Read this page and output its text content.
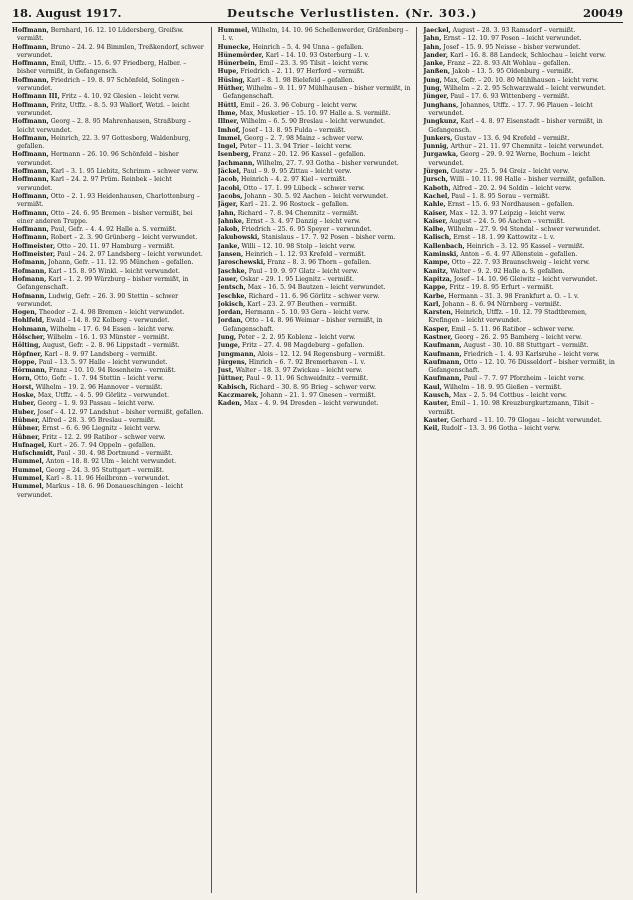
18. August 1917.	Deutsche Verlustlisten. (Nr. 303.)	20049

Hoffmann, Bernhard, 16. 12. 10 Lüdersberg, Greifsw. vermißt.

Hoffmann, Bruno – 24. 2. 94 Bimmlen, Treßkendorf, schwer verwundet.

Hoffmann, Emil, Utffz. – 15. 6. 97 Friedberg, Halber. – bisher vermißt, in Gefangensch.

Hoffmann, Friedrich – 19. 8. 97 Schönfeld, Solingen – verwundet.

Hoffmann III, Fritz – 4. 10. 92 Glesien – leicht verw.

Hoffmann, Fritz, Utffz. – 8. 5. 93 Wallorf, Wetzl. – leicht verwundet.

Hoffmann, Georg – 2. 8. 95 Mahrenhausen, Straßburg – leicht verwundet.

Hoffmann, Heinrich, 22. 3. 97 Gottesberg, Waldenburg, gefallen.

Hoffmann, Hermann – 26. 10. 96 Schönfeld – bisher verwundet.

Hoffmann, Karl – 3. 1. 95 Liebitz, Schrimm – schwer verw.

Hoffmann, Karl – 24. 2. 97 Prüm. Reinbek – leicht verwundet.

Hoffmann, Otto – 2. 1. 93 Heidenhausen, Charlottenburg – vermißt.

Hoffmann, Otto – 24. 6. 95 Bremen – bisher vermißt, bei einer anderen Truppe.

Hoffmann, Paul, Gefr. – 4. 4. 92 Halle a. S. vermißt.

Hoffmann, Robert – 2. 3. 90 Grünberg – leicht verwundet.

Hoffmeister, Otto – 20. 11. 97 Hamburg – vermißt.

Hoffmeister, Paul – 24. 2. 97 Landsberg – leicht verwundet.

Hofmann, Johann, Gefr. – 11. 12. 95 München – gefallen.

Hofmann, Karl – 15. 8. 95 Winkl. – leicht verwundet.

Hofmann, Karl – 1. 2. 99 Würzburg – bisher vermißt, in Gefangenschaft.

Hofmann, Ludwig, Gefr. – 26. 3. 90 Stettin – schwer verwundet.

Hogen, Theodor – 2. 4. 98 Bremen – leicht verwundet.

Hohlfeld, Ewald – 14. 8. 92 Kolberg – verwundet.

Hohmann, Wilhelm – 17. 6. 94 Essen – leicht verw.

Hölscher, Wilhelm – 16. 1. 93 Münster – vermißt.

Hölting, August, Gefr. – 2. 8. 96 Lippstadt – vermißt.

Höpfner, Karl – 8. 9. 97 Landsberg – vermißt.

Hoppe, Paul – 13. 5. 97 Halle – leicht verwundet.

Hörmann, Franz – 10. 10. 94 Rosenheim – vermißt.

Horn, Otto, Gefr. – 1. 7. 94 Stettin – leicht verw.

Horst, Wilhelm – 19. 2. 96 Hannover – vermißt.

Hoske, Max, Utffz. – 4. 5. 99 Görlitz – verwundet.

Huber, Georg – 1. 9. 93 Passau – leicht verw.

Huber, Josef – 4. 12. 97 Landshut – bisher vermißt, gefallen.

Hübner, Alfred – 28. 3. 95 Breslau – vermißt.

Hübner, Ernst – 6. 6. 96 Liegnitz – leicht verw.

Hübner, Fritz – 12. 2. 99 Ratibor – schwer verw.

Hufnagel, Kurt – 26. 7. 94 Oppeln – gefallen.

Hufschmidt, Paul – 30. 4. 98 Dortmund – vermißt.

Hummel, Anton – 18. 8. 92 Ulm – leicht verwundet.

Hummel, Georg – 24. 3. 95 Stuttgart – vermißt.

Hummel, Karl – 8. 11. 96 Heilbronn – verwundet.

Hummel, Markus – 18. 6. 96 Donaueschingen – leicht verwundet.

Hummel, Wilhelm, 14. 10. 96 Schellenwerder, Gräfenberg – l. v.

Hunecke, Heinrich – 5. 4. 94 Unna – gefallen.

Hünemörder, Karl – 14. 10. 93 Osterburg – l. v.

Hünerbein, Emil – 23. 3. 95 Tilsit – leicht verw.

Hupe, Friedrich – 2. 11. 97 Herford – vermißt.

Hüsing, Karl – 8. 1. 98 Bielefeld – gefallen.

Hüther, Wilhelm – 9. 11. 97 Mühlhausen – bisher vermißt, in Gefangenschaft.

Hüttl, Emil – 26. 3. 96 Coburg – leicht verw.

Ihme, Max, Musketier – 15. 10. 97 Halle a. S. vermißt.

Illner, Wilhelm – 6. 5. 90 Breslau – leicht verwundet.

Imhof, Josef – 13. 8. 95 Fulda – vermißt.

Immel, Georg – 2. 7. 98 Mainz – schwer verw.

Ingel, Peter – 11. 3. 94 Trier – leicht verw.

Isenberg, Franz – 20. 12. 96 Kassel – gefallen.

Jachmann, Wilhelm, 27. 7. 93 Gotha – bisher verwundet.

Jäckel, Paul – 9. 9. 95 Zittau – leicht verw.

Jacob, Heinrich – 4. 2. 97 Kiel – vermißt.

Jacobi, Otto – 17. 1. 99 Lübeck – schwer verw.

Jacobs, Johann – 30. 5. 92 Aachen – leicht verwundet.

Jäger, Karl – 21. 2. 96 Rostock – gefallen.

Jahn, Richard – 7. 8. 94 Chemnitz – vermißt.

Jahnke, Ernst – 3. 4. 97 Danzig – leicht verw.

Jakob, Friedrich – 25. 6. 95 Speyer – verwundet.

Jakubowski, Stanislaus – 17. 7. 92 Posen – bisher verm.

Janke, Willi – 12. 10. 98 Stolp – leicht verw.

Jansen, Heinrich – 1. 12. 93 Krefeld – vermißt.

Jaroschewski, Franz – 8. 3. 96 Thorn – gefallen.

Jaschke, Paul – 19. 9. 97 Glatz – leicht verw.

Jauer, Oskar – 29. 1. 95 Liegnitz – vermißt.

Jentsch, Max – 16. 5. 94 Bautzen – leicht verwundet.

Jeschke, Richard – 11. 6. 96 Görlitz – schwer verw.

Jokisch, Karl – 23. 2. 97 Beuthen – vermißt.

Jordan, Hermann – 5. 10. 93 Gera – leicht verw.

Jordan, Otto – 14. 8. 96 Weimar – bisher vermißt, in Gefangenschaft.

Jung, Peter – 2. 2. 95 Koblenz – leicht verw.

Junge, Fritz – 27. 4. 98 Magdeburg – gefallen.

Jungmann, Alois – 12. 12. 94 Regensburg – vermißt.

Jürgens, Hinrich – 6. 7. 92 Bremerhaven – l. v.

Just, Walter – 18. 3. 97 Zwickau – leicht verw.

Jüttner, Paul – 9. 11. 96 Schweidnitz – vermißt.

Kabisch, Richard – 30. 8. 95 Brieg – schwer verw.

Kaczmarek, Johann – 21. 1. 97 Gnesen – vermißt.

Kaden, Max – 4. 9. 94 Dresden – leicht verwundet.

Jaeckel, August – 28. 3. 93 Ramsdorf – vermißt.

Jahn, Ernst – 12. 10. 97 Posen – leicht verwundet.

Jahn, Josef – 15. 9. 95 Neisse – bisher verwundet.

Jander, Karl – 16. 8. 88 Landeck, Schlochau – leicht verw.

Janke, Franz – 22. 8. 93 Alt Wohlau – gefallen.

Janßen, Jakob – 13. 5. 95 Oldenburg – vermißt.

Jung, Max, Gefr. – 20. 10. 80 Mühlhausen – leicht verw.

Jung, Wilhelm – 2. 2. 95 Schwarzwald – leicht verwundet.

Jünger, Paul – 17. 6. 93 Wittenberg – vermißt.

Junghans, Johannes, Utffz. – 17. 7. 96 Plauen – leicht verwundet.

Jungkunz, Karl – 4. 8. 97 Eisenstadt – bisher vermißt, in Gefangensch.

Junkers, Gustav – 13. 6. 94 Krefeld – vermißt.

Junnig, Arthur – 21. 11. 97 Chemnitz – leicht verwundet.

Jurgawka, Georg – 29. 9. 92 Werne, Bochum – leicht verwundet.

Jürgen, Gustav – 25. 5. 94 Greiz – leicht verw.

Jursch, Willi – 10. 11. 98 Halle – bisher vermißt, gefallen.

Kaboth, Alfred – 20. 2. 94 Soldin – leicht verw.

Kachel, Paul – 1. 8. 95 Sorau – vermißt.

Kahle, Ernst – 15. 6. 93 Nordhausen – gefallen.

Kaiser, Max – 12. 3. 97 Leipzig – leicht verw.

Kaiser, August – 24. 5. 96 Aachen – vermißt.

Kalbe, Wilhelm – 27. 9. 94 Stendal – schwer verwundet.

Kalisch, Ernst – 18. 1. 99 Kattowitz – l. v.

Kallenbach, Heinrich – 3. 12. 95 Kassel – vermißt.

Kaminski, Anton – 6. 4. 97 Allenstein – gefallen.

Kampe, Otto – 22. 7. 93 Braunschweig – leicht verw.

Kanitz, Walter – 9. 2. 92 Halle a. S. gefallen.

Kapitza, Josef – 14. 10. 96 Gleiwitz – leicht verwundet.

Kappe, Fritz – 19. 8. 95 Erfurt – vermißt.

Karbe, Hermann – 31. 3. 98 Frankfurt a. O. – l. v.

Karl, Johann – 8. 6. 94 Nürnberg – vermißt.

Karsten, Heinrich, Utffz. – 10. 12. 79 Stadtbremen, Krefingen – leicht verwundet.

Kasper, Emil – 5. 11. 96 Ratibor – schwer verw.

Kastner, Georg – 26. 2. 95 Bamberg – leicht verw.

Kaufmann, August – 30. 10. 88 Stuttgart – vermißt.

Kaufmann, Friedrich – 1. 4. 93 Karlsruhe – leicht verw.

Kaufmann, Otto – 12. 10. 76 Düsseldorf – bisher vermißt, in Gefangenschaft.

Kaufmann, Paul – 7. 7. 97 Pforzheim – leicht verw.

Kaul, Wilhelm – 18. 9. 95 Gießen – vermißt.

Kausch, Max – 2. 5. 94 Cottbus – leicht verw.

Kauter, Emil – 1. 10. 98 Kreuzburgkurtzmann, Tilsit – vermißt.

Kauter, Gerhard – 11. 10. 79 Glogau – leicht verwundet.

Keil, Rudolf – 13. 3. 96 Gotha – leicht verw.
